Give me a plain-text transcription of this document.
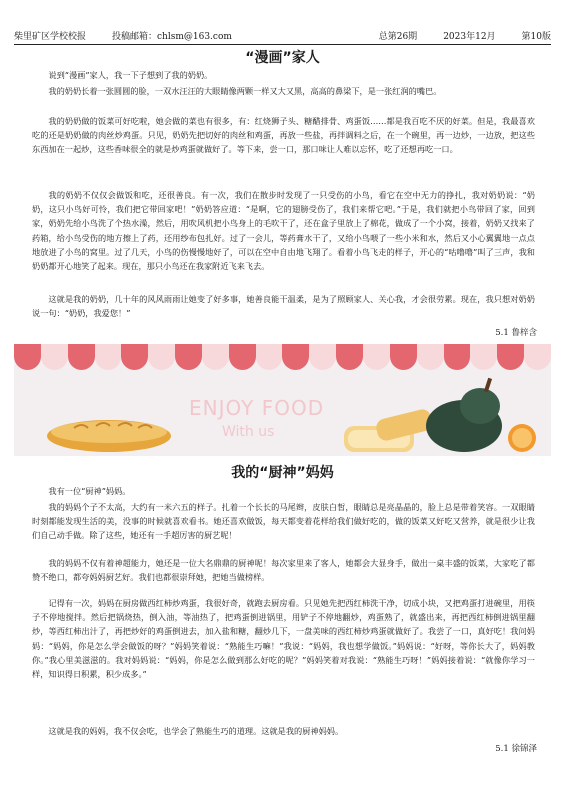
柴里矿区学校校报	投稿邮箱：chlsm@163.com	总第26期	2023年12月	第10版
“漫画”家人

说到“漫画”家人，我一下子想到了我的奶奶。

我的奶奶长着一张圆圆的脸，一双水汪汪的大眼睛像两颗一样又大又黑，高高的鼻梁下，是一张红润的嘴巴。

我的奶奶做的饭菜可好吃啦，她会做的菜也有很多，有：红烧狮子头、糖醋排骨、鸡蛋饭……都是我百吃不厌的好菜。但是，我最喜欢吃的还是奶奶做的肉丝炒鸡蛋。只见，奶奶先把切好的肉丝和鸡蛋，再放一些盐，再拌调料之后，在一个碗里，再一边炒，一边放，把这些东西加在一起炒，这些香味很全的就是炒鸡蛋就做好了。等下来，尝一口，那口味让人难以忘怀，吃了还想再吃一口。

我的奶奶不仅仅会做饭和吃，还很善良。有一次，我们在散步时发现了一只受伤的小鸟，看它在空中无力的挣扎，我对奶奶说：“奶奶，这只小鸟好可怜，我们把它带回家吧！”奶奶答应道：“是啊，它的翅膀受伤了，我们来帮它吧。”于是，我们就把小鸟带回了家，回到家，奶奶先给小鸟洗了个热水澡，然后，用吹风机把小鸟身上的毛吹干了，还在盒子里放上了棉花，做成了一个小窝，接着，奶奶又找来了药箱，给小鸟受伤的地方擦上了药，还用纱布包扎好。过了一会儿，等药膏水干了，又给小鸟喂了一些小米和水，然后又小心翼翼地一点点地放进了小鸟的窝里。过了几天，小鸟的伤慢慢地好了，可以在空中自由地飞翔了。看着小鸟飞走的样子，开心的“咕噜噜”叫了三声，我和奶奶都开心地笑了起来。现在，那只小鸟还在我家附近飞来飞去。

这就是我的奶奶，几十年的风风雨雨让她变了好多事，她善良能干温柔，是为了照顾家人、关心我，才会很劳累。现在，我只想对奶奶说一句：“奶奶，我爱您！”

5.1 鲁梓含
ENJOY FOOD
With us
我的“厨神”妈妈

我有一位“厨神”妈妈。

我的妈妈个子不太高，大约有一米六五的样子。扎着一个长长的马尾辫，皮肤白皙，眼睛总是亮晶晶的，脸上总是带着笑容。一双眼睛时刻都能发现生活的美，没事的时候就喜欢看书。她还喜欢做饭，每天都变着花样给我们做好吃的，做的饭菜又好吃又营养，就是很少让我们自己动手做。除了这些，她还有一手超厉害的厨艺呢！

我的妈妈不仅有着神超能力，她还是一位大名鼎鼎的厨神呢！每次家里来了客人，她都会大显身手，做出一桌丰盛的饭菜，大家吃了都赞不绝口，都夸妈妈厨艺好。我们也都很崇拜她，把她当做榜样。

记得有一次，妈妈在厨房做西红柿炒鸡蛋，我很好奇，就跑去厨房看。只见她先把西红柿洗干净，切成小块，又把鸡蛋打进碗里，用筷子不停地搅拌。然后把锅烧热，倒入油，等油热了，把鸡蛋倒进锅里，用铲子不停地翻炒，鸡蛋熟了，就盛出来，再把西红柿倒进锅里翻炒，等西红柿出汁了，再把炒好的鸡蛋倒进去，加入盐和糖，翻炒几下，一盘美味的西红柿炒鸡蛋就做好了。我尝了一口，真好吃！我问妈妈：“妈妈，你是怎么学会做饭的呀？”妈妈笑着说：“熟能生巧嘛！”我说：“妈妈，我也想学做饭。”妈妈说：“好呀，等你长大了，妈妈教你。”我心里美滋滋的。我对妈妈说：“妈妈，你是怎么做到那么好吃的呢？”妈妈笑着对我说：“熟能生巧呀！”妈妈接着说：“就像你学习一样，知识得日积累，积少成多。”

这就是我的妈妈，我不仅会吃，也学会了熟能生巧的道理。这就是我的厨神妈妈。

5.1 徐锦泽
